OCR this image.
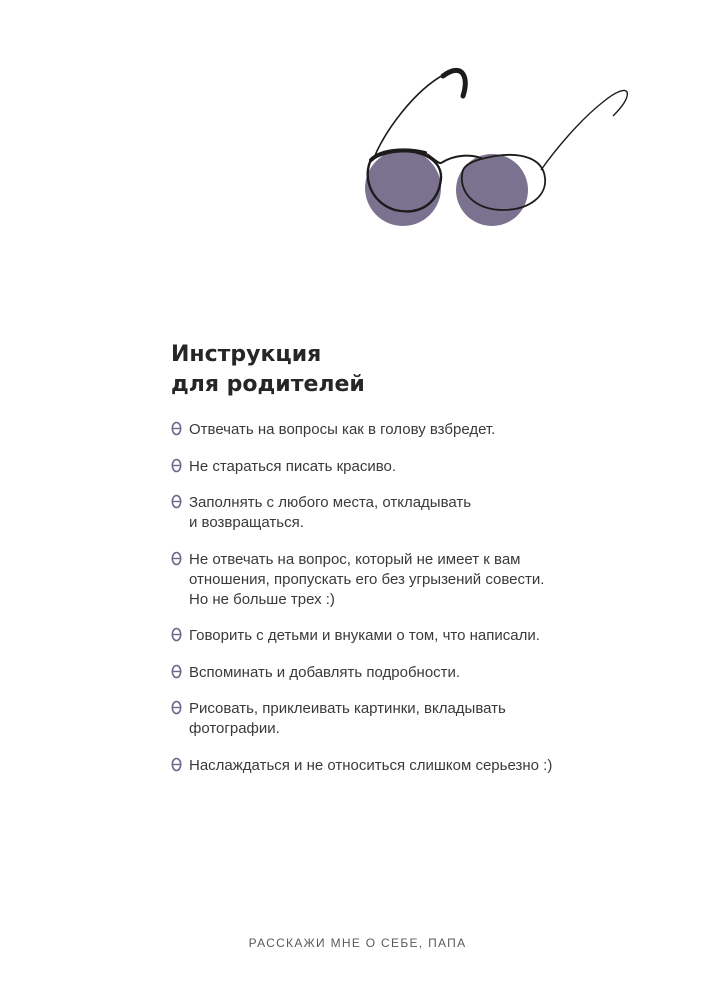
Инструкция
для родителей
Отвечать на вопросы как в голову взбредет.
Не стараться писать красиво.
Заполнять с любого места, откладывать
и возвращаться.
Не отвечать на вопрос, который не имеет к вам
отношения, пропускать его без угрызений совести.
Но не больше трех :)
Говорить с детьми и внуками о том, что написали.
Вспоминать и добавлять подробности.
Рисовать, приклеивать картинки, вкладывать
фотографии.
Наслаждаться и не относиться слишком серьезно :)
РАССКАЖИ МНЕ О СЕБЕ, ПАПА
